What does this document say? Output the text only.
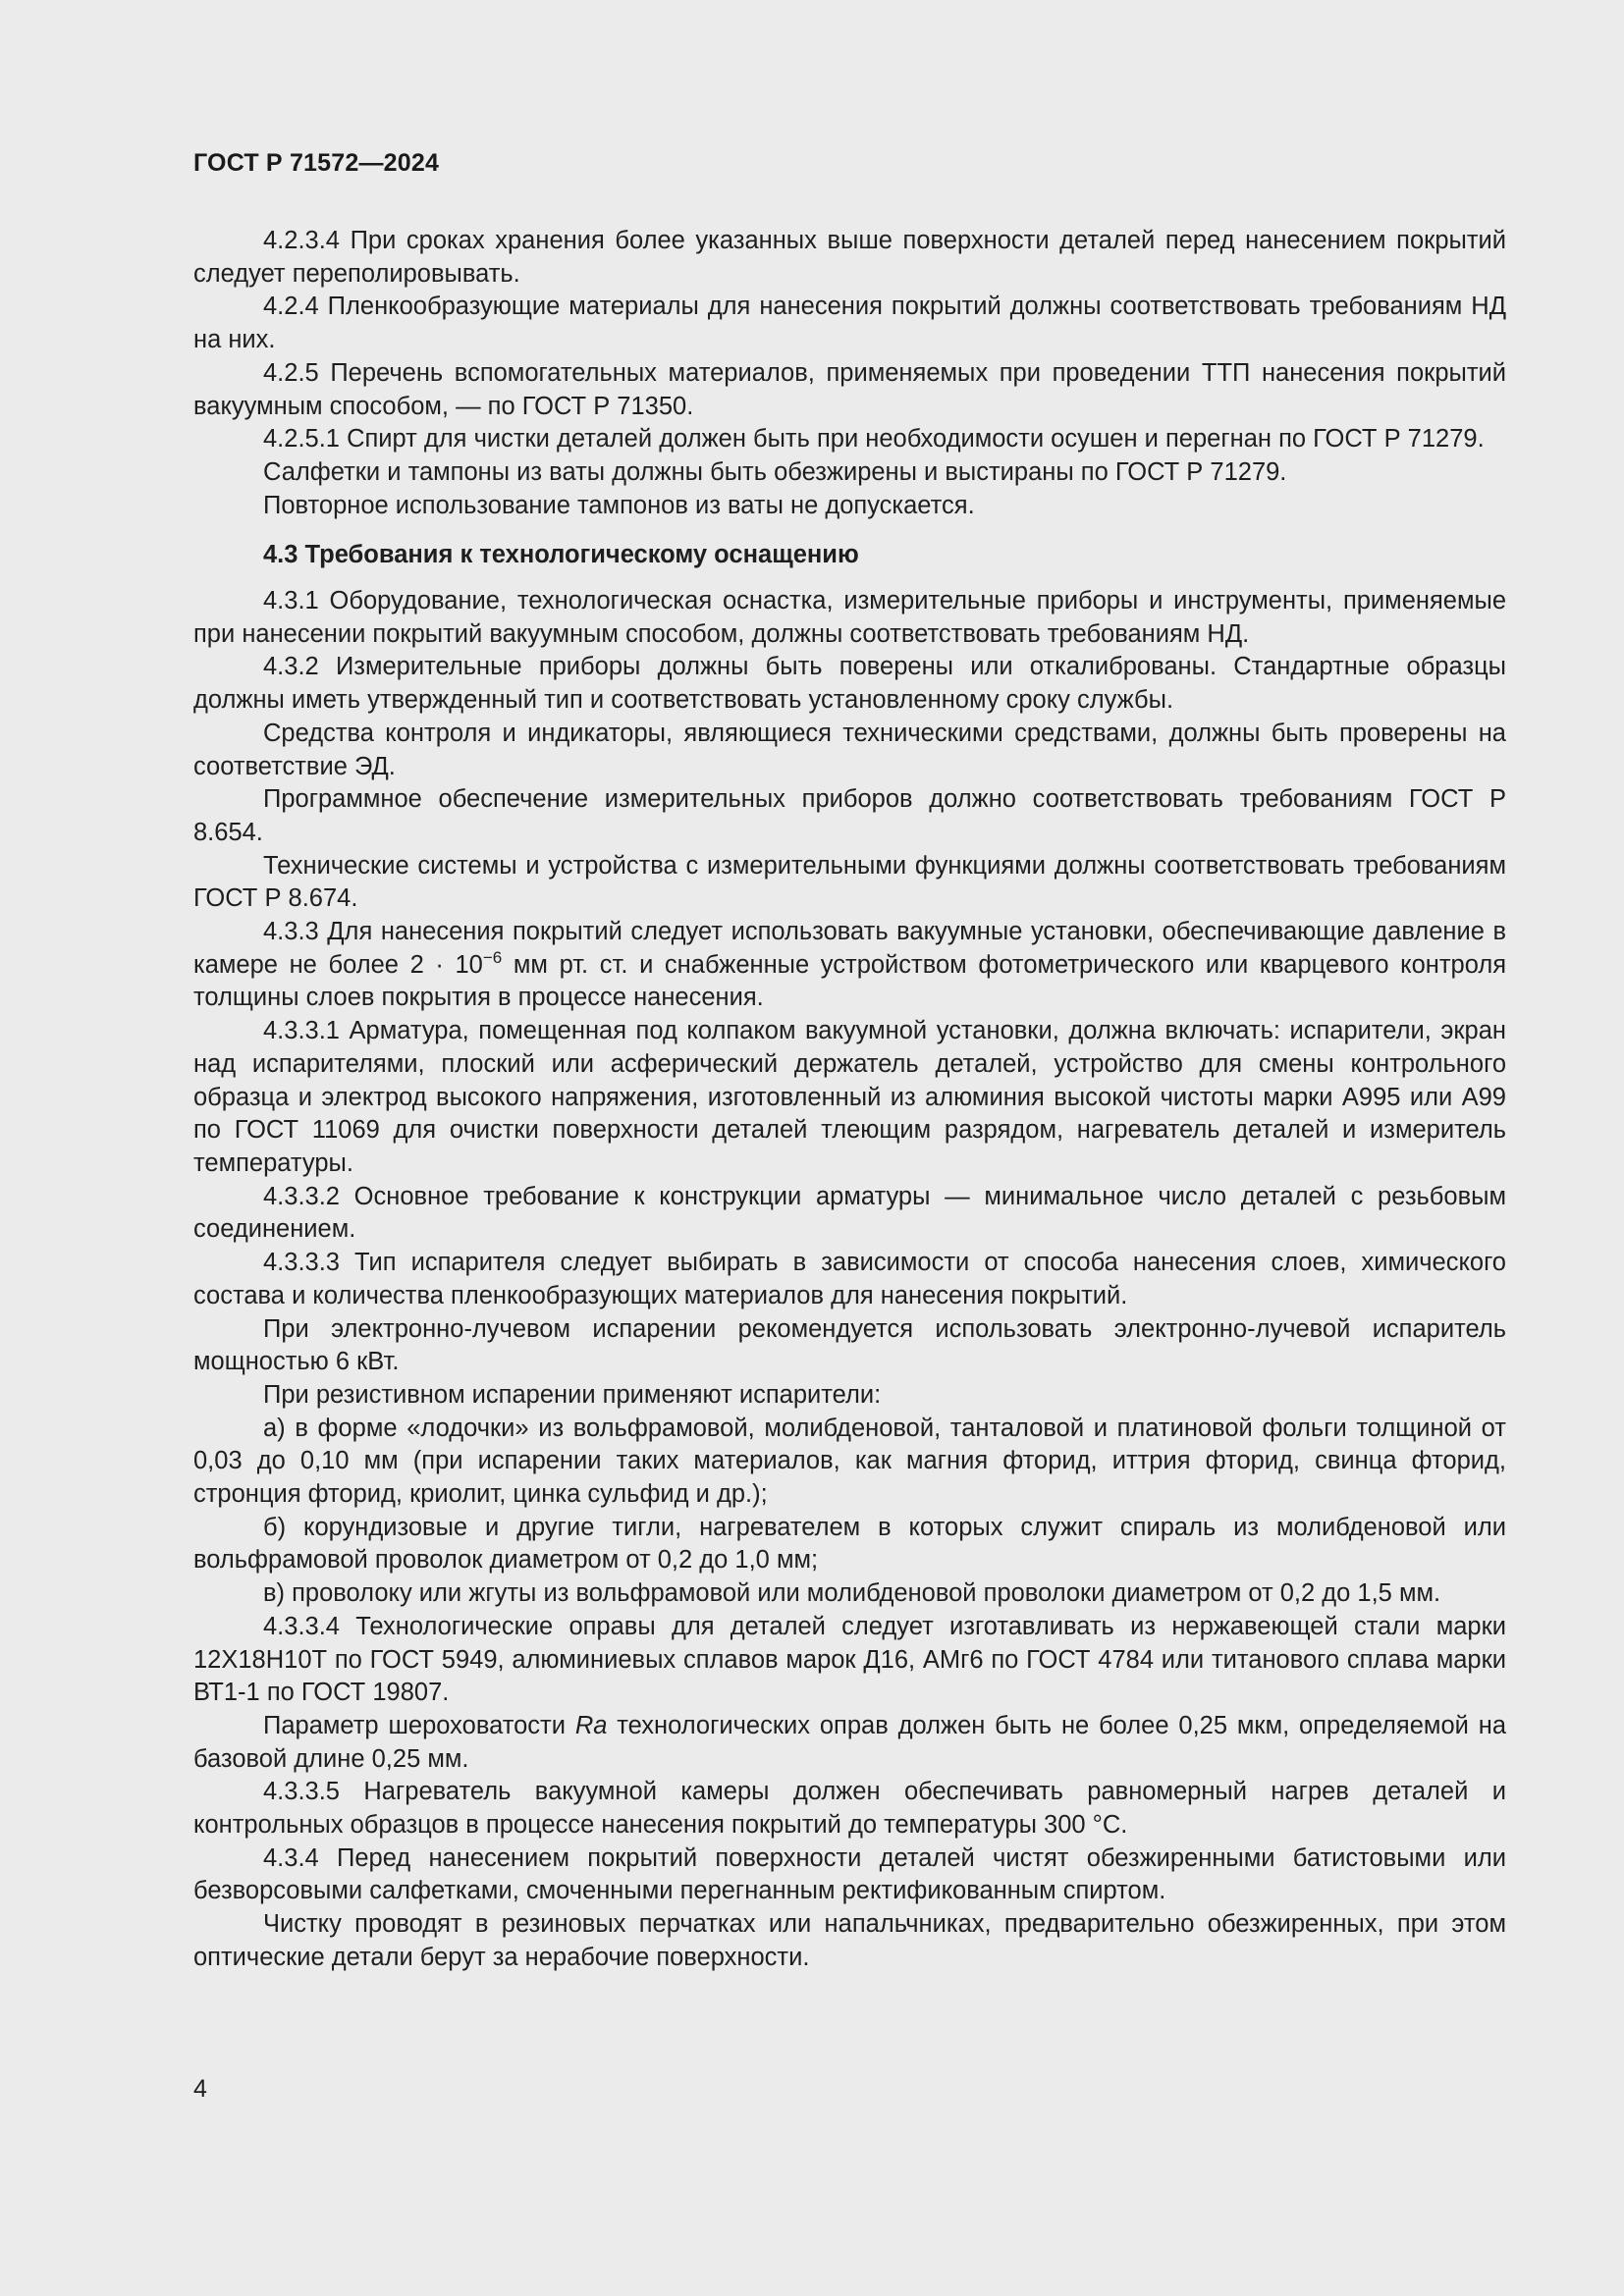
ГОСТ Р 71572—2024

4.2.3.4 При сроках хранения более указанных выше поверхности деталей перед нанесением покрытий следует переполировывать.

4.2.4 Пленкообразующие материалы для нанесения покрытий должны соответствовать требованиям НД на них.

4.2.5 Перечень вспомогательных материалов, применяемых при проведении ТТП нанесения покрытий вакуумным способом, — по ГОСТ Р 71350.

4.2.5.1 Спирт для чистки деталей должен быть при необходимости осушен и перегнан по ГОСТ Р 71279.

Салфетки и тампоны из ваты должны быть обезжирены и выстираны по ГОСТ Р 71279.

Повторное использование тампонов из ваты не допускается.

4.3 Требования к технологическому оснащению

4.3.1 Оборудование, технологическая оснастка, измерительные приборы и инструменты, применяемые при нанесении покрытий вакуумным способом, должны соответствовать требованиям НД.

4.3.2 Измерительные приборы должны быть поверены или откалиброваны. Стандартные образцы должны иметь утвержденный тип и соответствовать установленному сроку службы.

Средства контроля и индикаторы, являющиеся техническими средствами, должны быть проверены на соответствие ЭД.

Программное обеспечение измерительных приборов должно соответствовать требованиям ГОСТ Р 8.654.

Технические системы и устройства с измерительными функциями должны соответствовать требованиям ГОСТ Р 8.674.

4.3.3 Для нанесения покрытий следует использовать вакуумные установки, обеспечивающие давление в камере не более $2 \cdot 10^{-6}$ мм рт. ст. и снабженные устройством фотометрического или кварцевого контроля толщины слоев покрытия в процессе нанесения.

4.3.3.1 Арматура, помещенная под колпаком вакуумной установки, должна включать: испарители, экран над испарителями, плоский или асферический держатель деталей, устройство для смены контрольного образца и электрод высокого напряжения, изготовленный из алюминия высокой чистоты марки А995 или А99 по ГОСТ 11069 для очистки поверхности деталей тлеющим разрядом, нагреватель деталей и измеритель температуры.

4.3.3.2 Основное требование к конструкции арматуры — минимальное число деталей с резьбовым соединением.

4.3.3.3 Тип испарителя следует выбирать в зависимости от способа нанесения слоев, химического состава и количества пленкообразующих материалов для нанесения покрытий.

При электронно-лучевом испарении рекомендуется использовать электронно-лучевой испаритель мощностью 6 кВт.

При резистивном испарении применяют испарители:

а) в форме «лодочки» из вольфрамовой, молибденовой, танталовой и платиновой фольги толщиной от 0,03 до 0,10 мм (при испарении таких материалов, как магния фторид, иттрия фторид, свинца фторид, стронция фторид, криолит, цинка сульфид и др.);

б) корундизовые и другие тигли, нагревателем в которых служит спираль из молибденовой или вольфрамовой проволок диаметром от 0,2 до 1,0 мм;

в) проволоку или жгуты из вольфрамовой или молибденовой проволоки диаметром от 0,2 до 1,5 мм.

4.3.3.4 Технологические оправы для деталей следует изготавливать из нержавеющей стали марки 12Х18Н10Т по ГОСТ 5949, алюминиевых сплавов марок Д16, АМг6 по ГОСТ 4784 или титанового сплава марки ВТ1-1 по ГОСТ 19807.

Параметр шероховатости Ra технологических оправ должен быть не более 0,25 мкм, определяемой на базовой длине 0,25 мм.

4.3.3.5 Нагреватель вакуумной камеры должен обеспечивать равномерный нагрев деталей и контрольных образцов в процессе нанесения покрытий до температуры 300 °С.

4.3.4 Перед нанесением покрытий поверхности деталей чистят обезжиренными батистовыми или безворсовыми салфетками, смоченными перегнанным ректификованным спиртом.

Чистку проводят в резиновых перчатках или напальчниках, предварительно обезжиренных, при этом оптические детали берут за нерабочие поверхности.

4
